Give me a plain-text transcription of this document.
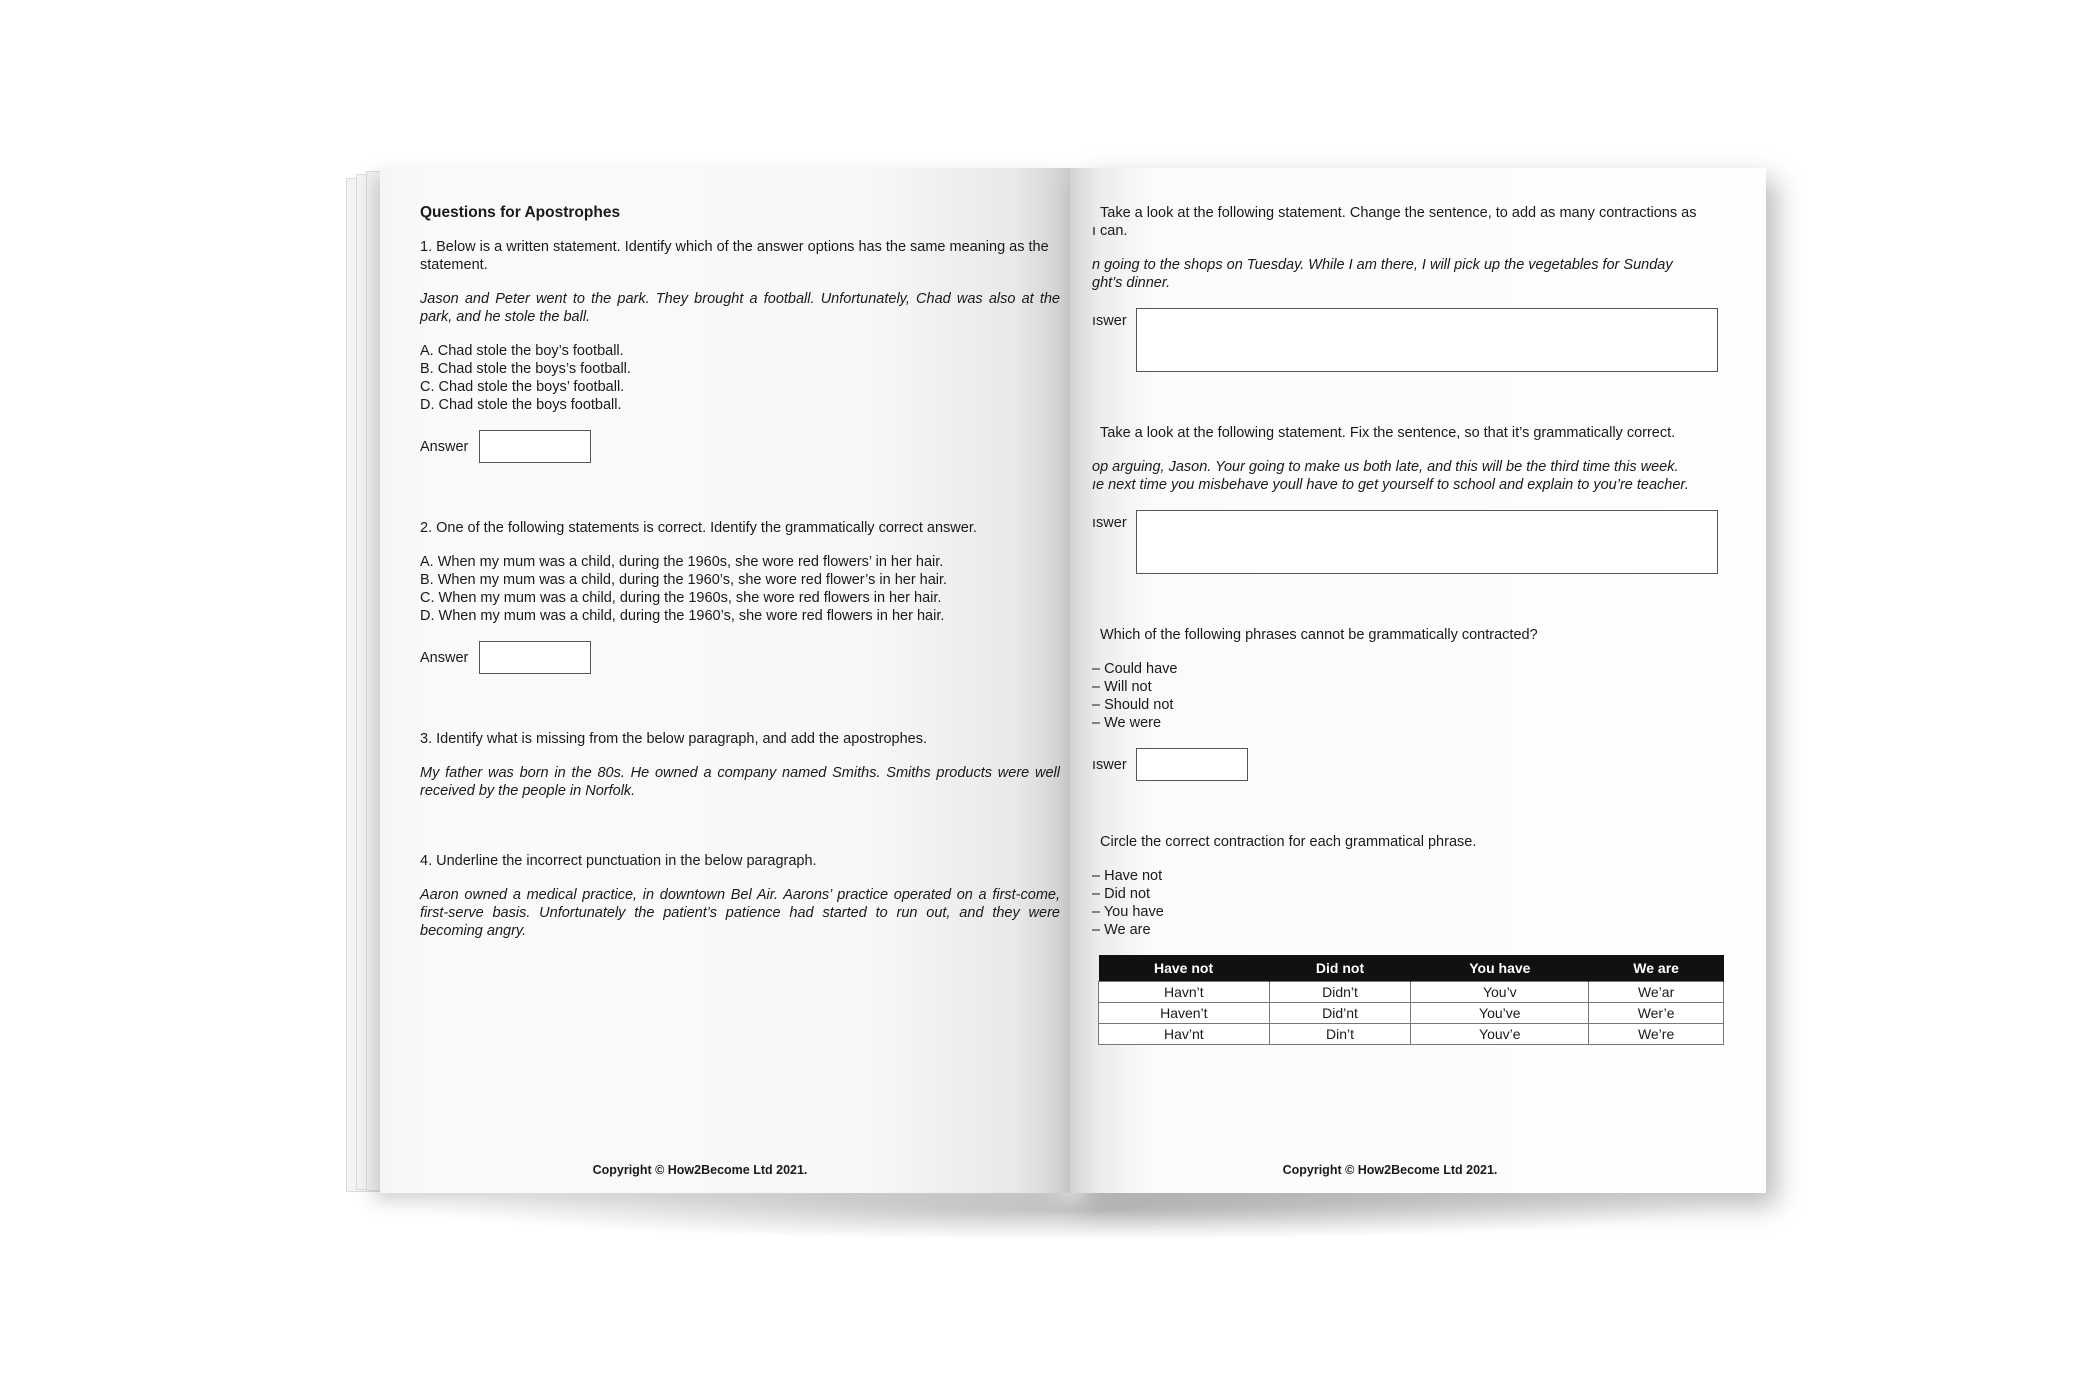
Questions for Apostrophes
1. Below is a written statement. Identify which of the answer options has the same meaning as the statement.
Jason and Peter went to the park. They brought a football. Unfortunately, Chad was also at the park, and he stole the ball.
A. Chad stole the boy’s football.
B. Chad stole the boys’s football.
C. Chad stole the boys’ football.
D. Chad stole the boys football.
Answer
2. One of the following statements is correct. Identify the grammatically correct answer.
A. When my mum was a child, during the 1960s, she wore red flowers’ in her hair.
B. When my mum was a child, during the 1960’s, she wore red flower’s in her hair.
C. When my mum was a child, during the 1960s, she wore red flowers in her hair.
D. When my mum was a child, during the 1960’s, she wore red flowers in her hair.
Answer
3. Identify what is missing from the below paragraph, and add the apostrophes.
My father was born in the 80s. He owned a company named Smiths. Smiths products were well received by the people in Norfolk.
4. Underline the incorrect punctuation in the below paragraph.
Aaron owned a medical practice, in downtown Bel Air. Aarons’ practice operated on a first-come, first-serve basis. Unfortunately the patient’s patience had started to run out, and they were becoming angry.
Copyright © How2Become Ltd 2021.
Take a look at the following statement. Change the sentence, to add as many contractions as
ı can.
n going to the shops on Tuesday. While I am there, I will pick up the vegetables for Sunday
ght’s dinner.
ıswer
Take a look at the following statement. Fix the sentence, so that it’s grammatically correct.
op arguing, Jason. Your going to make us both late, and this will be the third time this week.
ıe next time you misbehave youll have to get yourself to school and explain to you’re teacher.
ıswer
Which of the following phrases cannot be grammatically contracted?
– Could have
– Will not
– Should not
– We were
ıswer
Circle the correct contraction for each grammatical phrase.
– Have not
– Did not
– You have
– We are
Have not	Did not	You have	We are
Havn’t	Didn’t	You’v	We’ar
Haven’t	Did’nt	You’ve	Wer’e
Hav’nt	Din’t	Youv’e	We’re
Copyright © How2Become Ltd 2021.
